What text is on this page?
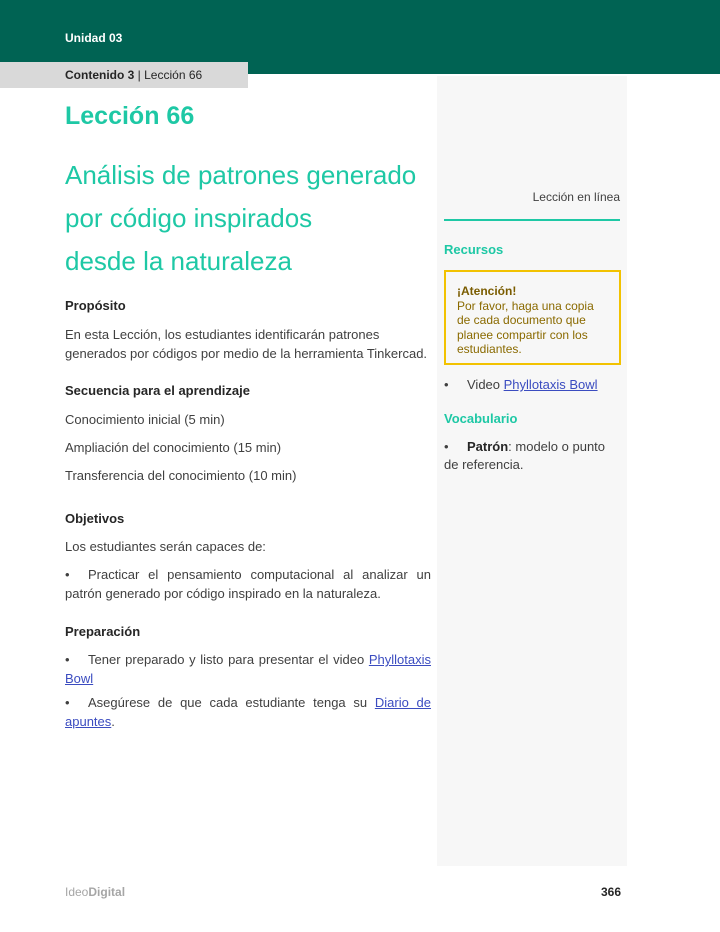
Unidad 03
Contenido 3 | Lección 66
Lección 66
Análisis de patrones generado
por código inspirados
desde la naturaleza
Propósito
En esta Lección, los estudiantes identificarán patrones generados por códigos por medio de la herramienta Tinkercad.
Secuencia para el aprendizaje
Conocimiento inicial (5 min)
Ampliación del conocimiento (15 min)
Transferencia del conocimiento (10 min)
Objetivos
Los estudiantes serán capaces de:
• Practicar el pensamiento computacional al analizar un patrón generado por código inspirado en la naturaleza.
Preparación
• Tener preparado y listo para presentar el video Phyllotaxis Bowl
• Asegúrese de que cada estudiante tenga su Diario de apuntes.
Lección en línea
Recursos
¡Atención!
Por favor, haga una copia de cada documento que planee compartir con los estudiantes.
• Video Phyllotaxis Bowl
Vocabulario
• Patrón: modelo o punto de referencia.
IdeoDigital	366
